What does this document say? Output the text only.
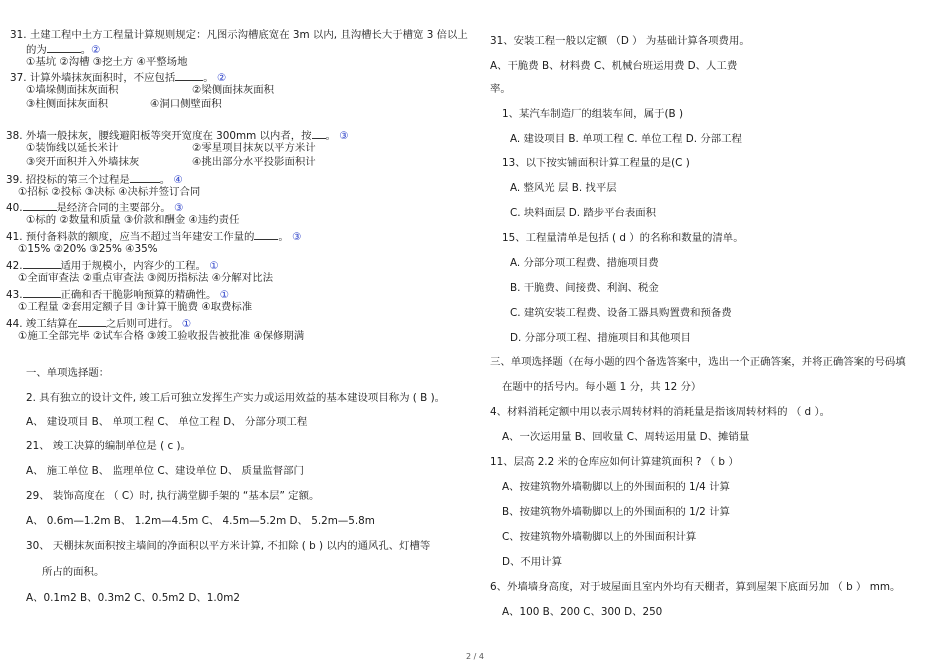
31. 土建工程中土方工程量计算规则规定：凡图示沟槽底宽在 3m 以内, 且沟槽长大于槽宽 3 倍以上
的为	。②
①基坑 ②沟槽 ③挖土方 ④平整场地
37. 计算外墙抹灰面积时，不应包括	。 ②
①墙垛侧面抹灰面积	②梁侧面抹灰面积
③柱侧面抹灰面积	④洞口侧壁面积
38. 外墙一般抹灰，腰线避阳板等突开宽度在 300mm 以内者，按 。 ③
①装饰线以延长米计	②零星项目抹灰以平方米计
③突开面积并入外墙抹灰	④挑出部分水平投影面积计
39. 招投标的第三个过程是	。 ④
①招标 ②投标 ③决标 ④决标并签订合同
40.	是经济合同的主要部分。 ③
①标的 ②数量和质量 ③价款和酬金 ④违约责任
41. 预付备料款的额度，应当不超过当年建安工作量的 。 ③
①15% ②20% ③25% ④35%
42.	适用于规模小，内容少的工程。 ①
①全面审查法 ②重点审查法 ③阅历指标法 ④分解对比法
43.	正确和否干脆影响预算的精确性。 ①
①工程量 ②套用定额子目 ③计算干脆费 ④取费标准
44. 竣工结算在	之后则可进行。 ①
①施工全部完毕 ②试车合格 ③竣工验收报告被批准 ④保修期满
一、单项选择题：
2. 具有独立的设计文件, 竣工后可独立发挥生产实力或运用效益的基本建设项目称为 ( B )。
A、 建设项目 B、 单项工程 C、 单位工程 D、 分部分项工程
21、 竣工决算的编制单位是 ( c )。
A、 施工单位 B、 监理单位 C、建设单位 D、 质量监督部门
29、 装饰高度在 （ C）时, 执行满堂脚手架的 “基本层” 定额。
A、 0.6m—1.2m B、 1.2m—4.5m C、 4.5m—5.2m D、 5.2m—5.8m
30、 天棚抹灰面积按主墙间的净面积以平方米计算, 不扣除 ( b ) 以内的通风孔、灯槽等
所占的面积。
A、0.1m2 B、0.3m2 C、0.5m2 D、1.0m2
31、安装工程一般以定额 （D ） 为基础计算各项费用。
A、干脆费 B、材料费 C、机械台班运用费 D、人工费
率。
1、某汽车制造厂的组装车间，属于(B )
A. 建设项目 B. 单项工程 C. 单位工程 D. 分部工程
13、以下按实铺面积计算工程量的是(C )
A. 整风光 层 B. 找平层
C. 块料面层 D. 踏步平台表面积
15、工程量清单是包括 ( d ）的名称和数量的清单。
A. 分部分项工程费、措施项目费
B. 干脆费、间接费、利润、税金
C. 建筑安装工程费、设备工器具购置费和预备费
D. 分部分项工程、措施项目和其他项目
三、单项选择题（在每小题的四个备选答案中，选出一个正确答案，并将正确答案的号码填
在题中的括号内。每小题 1 分，共 12 分）
4、材料消耗定额中用以表示周转材料的消耗量是指该周转材料的 （ d ）。
A、一次运用量 B、回收量 C、周转运用量 D、摊销量
11、层高 2.2 米的仓库应如何计算建筑面积 ? （ b ）
A、按建筑物外墙勒脚以上的外围面积的 1/4 计算
B、按建筑物外墙勒脚以上的外围面积的 1/2 计算
C、按建筑物外墙勒脚以上的外围面积计算
D、不用计算
6、外墙墙身高度，对于坡屋面且室内外均有天棚者，算到屋架下底面另加 （ b ） mm。
A、100 B、200 C、300 D、250
2 / 4
